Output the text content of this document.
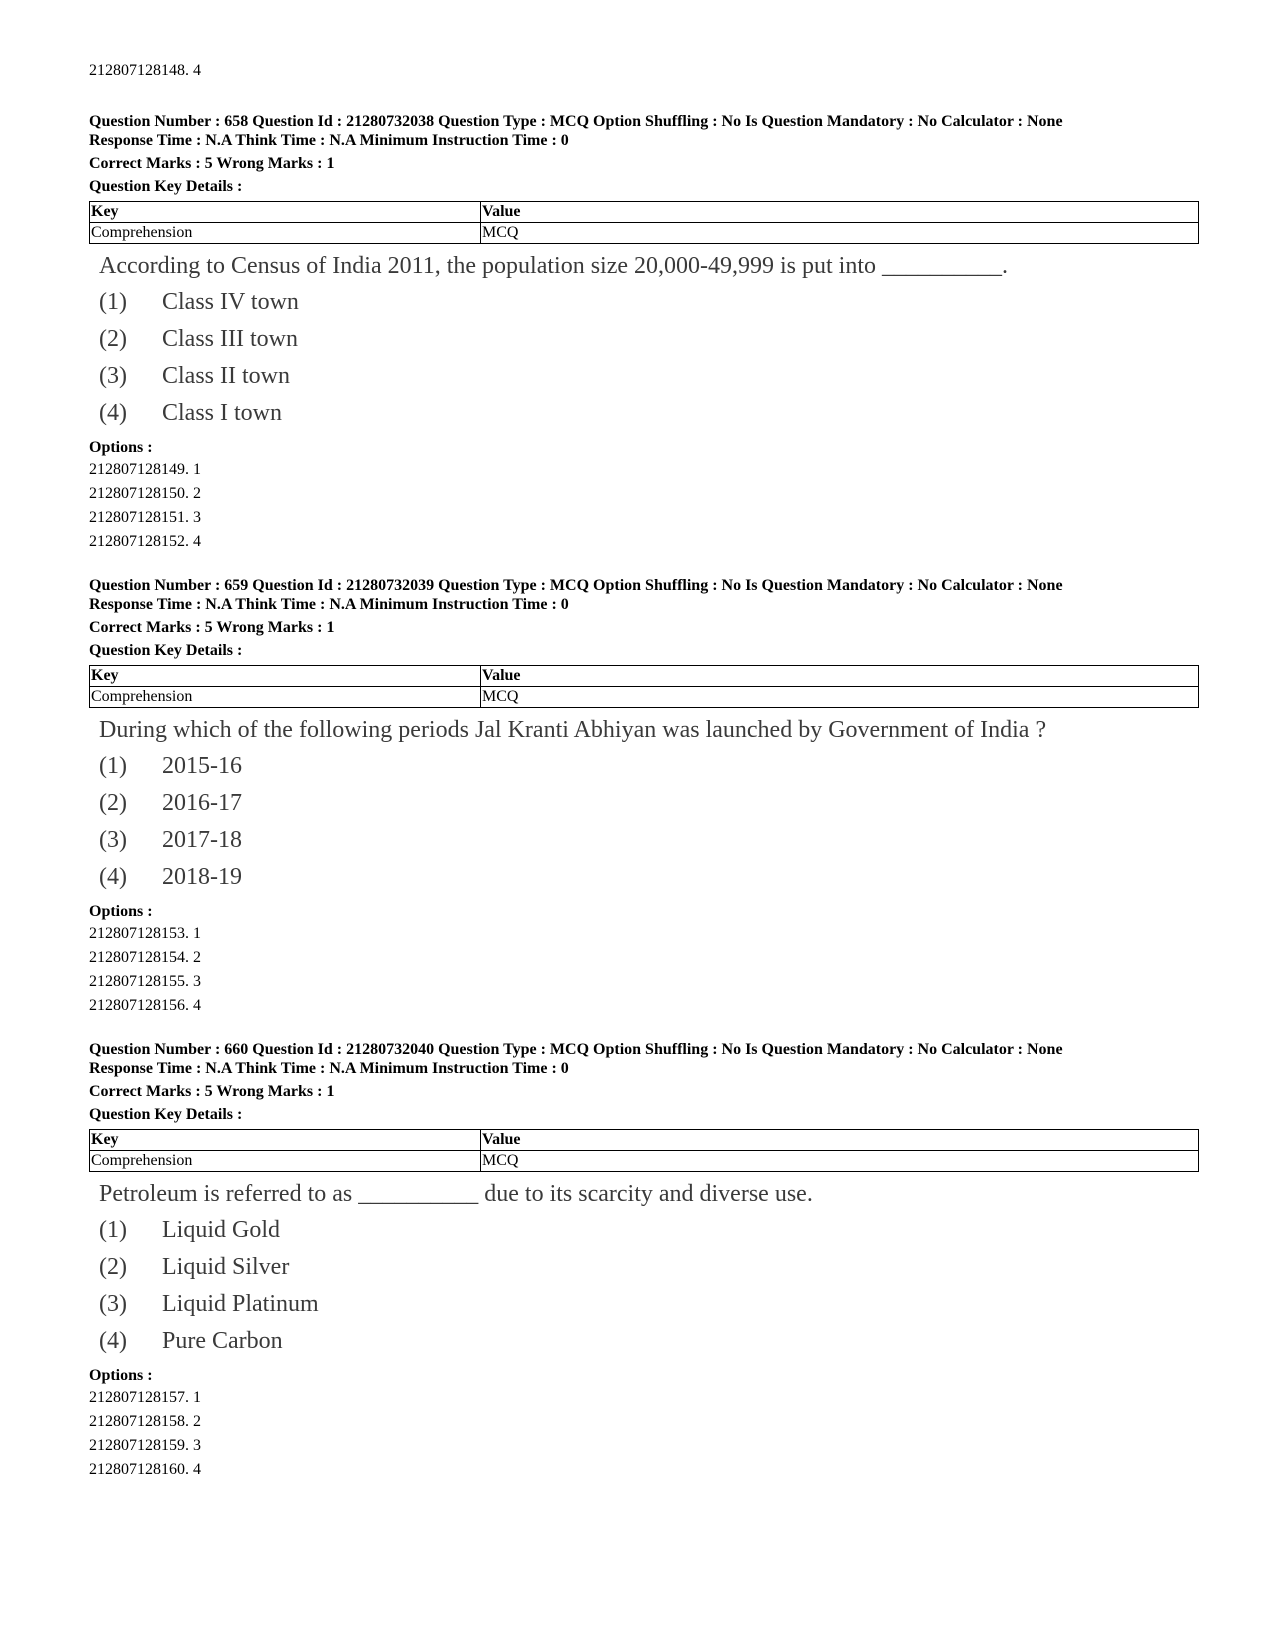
212807128148. 4

Question Number : 658 Question Id : 21280732038 Question Type : MCQ Option Shuffling : No Is Question Mandatory : No Calculator : None

Response Time : N.A Think Time : N.A Minimum Instruction Time : 0

Correct Marks : 5 Wrong Marks : 1

Question Key Details :

Key	Value
Comprehension	MCQ
According to Census of India 2011, the population size 20,000-49,999 is put into __________.
(1) Class IV town
(2) Class III town
(3) Class II town
(4) Class I town
Options :
212807128149. 1
212807128150. 2
212807128151. 3
212807128152. 4

Question Number : 659 Question Id : 21280732039 Question Type : MCQ Option Shuffling : No Is Question Mandatory : No Calculator : None

Response Time : N.A Think Time : N.A Minimum Instruction Time : 0

Correct Marks : 5 Wrong Marks : 1

Question Key Details :

Key	Value
Comprehension	MCQ
During which of the following periods Jal Kranti Abhiyan was launched by Government of India ?
(1) 2015-16
(2) 2016-17
(3) 2017-18
(4) 2018-19
Options :
212807128153. 1
212807128154. 2
212807128155. 3
212807128156. 4

Question Number : 660 Question Id : 21280732040 Question Type : MCQ Option Shuffling : No Is Question Mandatory : No Calculator : None

Response Time : N.A Think Time : N.A Minimum Instruction Time : 0

Correct Marks : 5 Wrong Marks : 1

Question Key Details :

Key	Value
Comprehension	MCQ
Petroleum is referred to as __________ due to its scarcity and diverse use.
(1) Liquid Gold
(2) Liquid Silver
(3) Liquid Platinum
(4) Pure Carbon
Options :
212807128157. 1
212807128158. 2
212807128159. 3
212807128160. 4
